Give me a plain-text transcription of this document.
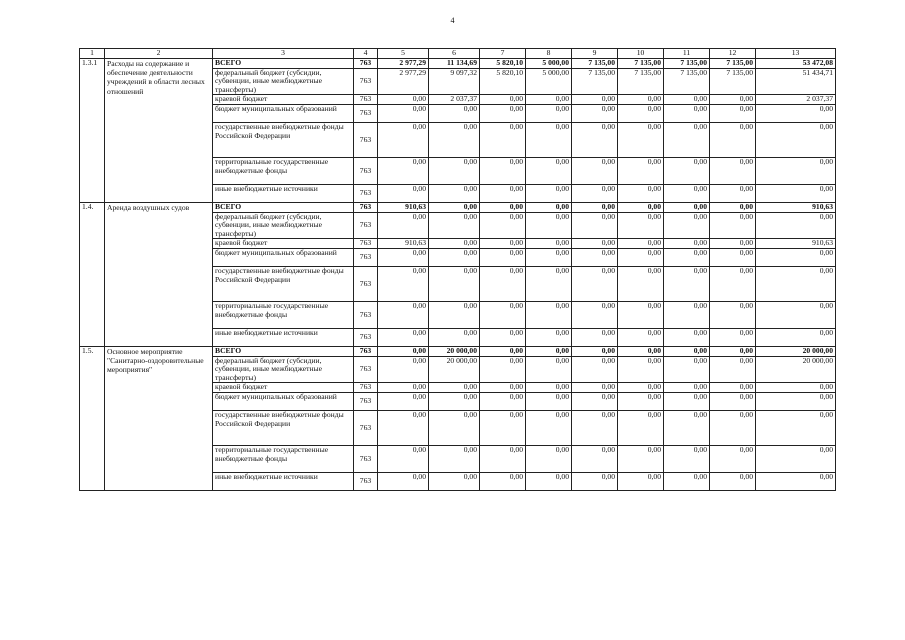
4
1	2	3	4	5	6	7	8	9	10	11	12	13
1.3.1	Расходы на содержание и обеспечение деятельности учреждений в области лесных отношений	ВСЕГО	763	2 977,29	11 134,69	5 820,10	5 000,00	7 135,00	7 135,00	7 135,00	7 135,00	53 472,08
		федеральный бюджет (субсидии, субвенции, иные межбюджетные трансферты)	763	2 977,29	9 097,32	5 820,10	5 000,00	7 135,00	7 135,00	7 135,00	7 135,00	51 434,71
		краевой бюджет	763	0,00	2 037,37	0,00	0,00	0,00	0,00	0,00	0,00	2 037,37
		бюджет муниципальных образований	763	0,00	0,00	0,00	0,00	0,00	0,00	0,00	0,00	0,00
		государственные внебюджетные фонды Российской Федерации	763	0,00	0,00	0,00	0,00	0,00	0,00	0,00	0,00	0,00
		территориальные государственные внебюджетные фонды	763	0,00	0,00	0,00	0,00	0,00	0,00	0,00	0,00	0,00
		иные внебюджетные источники	763	0,00	0,00	0,00	0,00	0,00	0,00	0,00	0,00	0,00
1.4.	Аренда воздушных судов	ВСЕГО	763	910,63	0,00	0,00	0,00	0,00	0,00	0,00	0,00	910,63
		федеральный бюджет (субсидии, субвенции, иные межбюджетные трансферты)	763	0,00	0,00	0,00	0,00	0,00	0,00	0,00	0,00	0,00
		краевой бюджет	763	910,63	0,00	0,00	0,00	0,00	0,00	0,00	0,00	910,63
		бюджет муниципальных образований	763	0,00	0,00	0,00	0,00	0,00	0,00	0,00	0,00	0,00
		государственные внебюджетные фонды Российской Федерации	763	0,00	0,00	0,00	0,00	0,00	0,00	0,00	0,00	0,00
		территориальные государственные внебюджетные фонды	763	0,00	0,00	0,00	0,00	0,00	0,00	0,00	0,00	0,00
		иные внебюджетные источники	763	0,00	0,00	0,00	0,00	0,00	0,00	0,00	0,00	0,00
1.5.	Основное мероприятие "Санитарно-оздоровительные мероприятия"	ВСЕГО	763	0,00	20 000,00	0,00	0,00	0,00	0,00	0,00	0,00	20 000,00
		федеральный бюджет (субсидии, субвенции, иные межбюджетные трансферты)	763	0,00	20 000,00	0,00	0,00	0,00	0,00	0,00	0,00	20 000,00
		краевой бюджет	763	0,00	0,00	0,00	0,00	0,00	0,00	0,00	0,00	0,00
		бюджет муниципальных образований	763	0,00	0,00	0,00	0,00	0,00	0,00	0,00	0,00	0,00
		государственные внебюджетные фонды Российской Федерации	763	0,00	0,00	0,00	0,00	0,00	0,00	0,00	0,00	0,00
		территориальные государственные внебюджетные фонды	763	0,00	0,00	0,00	0,00	0,00	0,00	0,00	0,00	0,00
		иные внебюджетные источники	763	0,00	0,00	0,00	0,00	0,00	0,00	0,00	0,00	0,00
